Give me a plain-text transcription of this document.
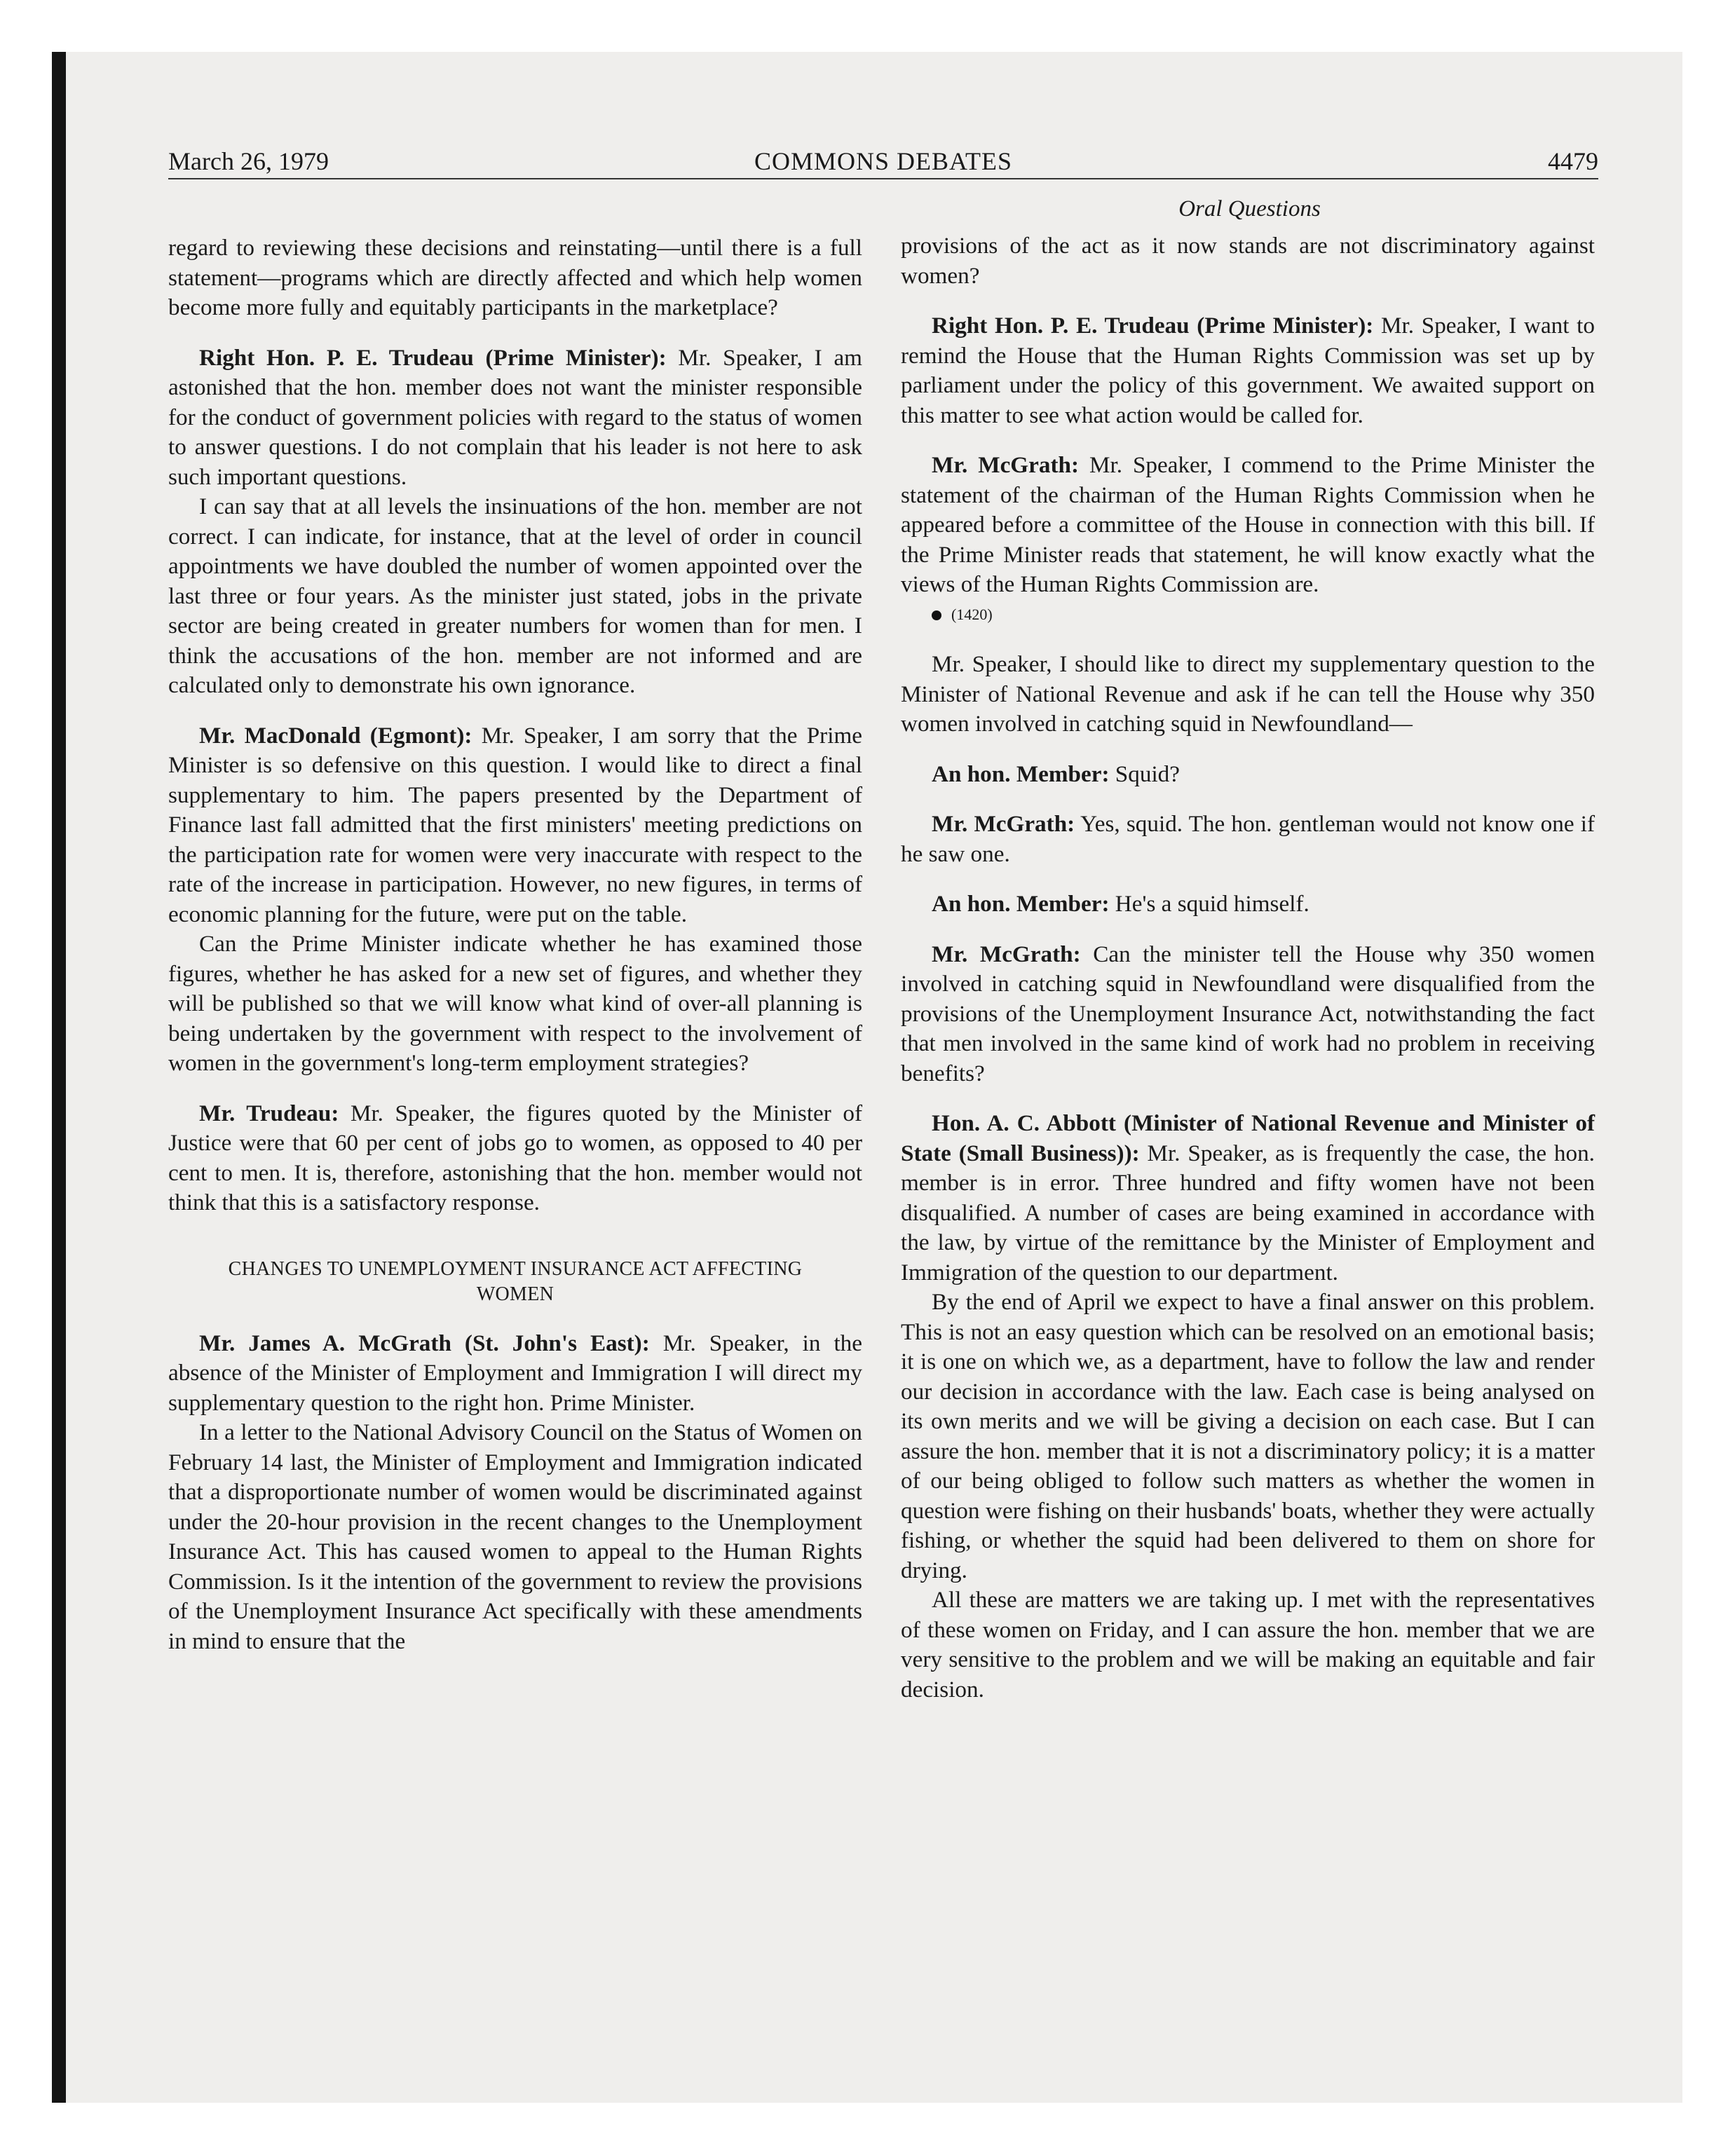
March 26, 1979	COMMONS DEBATES	4479
Oral Questions

regard to reviewing these decisions and reinstating—until there is a full statement—programs which are directly affected and which help women become more fully and equitably participants in the marketplace?

Right Hon. P. E. Trudeau (Prime Minister): Mr. Speaker, I am astonished that the hon. member does not want the minister responsible for the conduct of government policies with regard to the status of women to answer questions. I do not complain that his leader is not here to ask such important questions.

I can say that at all levels the insinuations of the hon. member are not correct. I can indicate, for instance, that at the level of order in council appointments we have doubled the number of women appointed over the last three or four years. As the minister just stated, jobs in the private sector are being created in greater numbers for women than for men. I think the accusations of the hon. member are not informed and are calculated only to demonstrate his own ignorance.

Mr. MacDonald (Egmont): Mr. Speaker, I am sorry that the Prime Minister is so defensive on this question. I would like to direct a final supplementary to him. The papers presented by the Department of Finance last fall admitted that the first ministers' meeting predictions on the participation rate for women were very inaccurate with respect to the rate of the increase in participation. However, no new figures, in terms of economic planning for the future, were put on the table.

Can the Prime Minister indicate whether he has examined those figures, whether he has asked for a new set of figures, and whether they will be published so that we will know what kind of over-all planning is being undertaken by the government with respect to the involvement of women in the government's long-term employment strategies?

Mr. Trudeau: Mr. Speaker, the figures quoted by the Minister of Justice were that 60 per cent of jobs go to women, as opposed to 40 per cent to men. It is, therefore, astonishing that the hon. member would not think that this is a satisfactory response.

CHANGES TO UNEMPLOYMENT INSURANCE ACT AFFECTING WOMEN

Mr. James A. McGrath (St. John's East): Mr. Speaker, in the absence of the Minister of Employment and Immigration I will direct my supplementary question to the right hon. Prime Minister.

In a letter to the National Advisory Council on the Status of Women on February 14 last, the Minister of Employment and Immigration indicated that a disproportionate number of women would be discriminated against under the 20-hour provision in the recent changes to the Unemployment Insurance Act. This has caused women to appeal to the Human Rights Commission. Is it the intention of the government to review the provisions of the Unemployment Insurance Act specifically with these amendments in mind to ensure that the

provisions of the act as it now stands are not discriminatory against women?

Right Hon. P. E. Trudeau (Prime Minister): Mr. Speaker, I want to remind the House that the Human Rights Commission was set up by parliament under the policy of this government. We awaited support on this matter to see what action would be called for.

Mr. McGrath: Mr. Speaker, I commend to the Prime Minister the statement of the chairman of the Human Rights Commission when he appeared before a committee of the House in connection with this bill. If the Prime Minister reads that statement, he will know exactly what the views of the Human Rights Commission are.

(1420)

Mr. Speaker, I should like to direct my supplementary question to the Minister of National Revenue and ask if he can tell the House why 350 women involved in catching squid in Newfoundland—

An hon. Member: Squid?

Mr. McGrath: Yes, squid. The hon. gentleman would not know one if he saw one.

An hon. Member: He's a squid himself.

Mr. McGrath: Can the minister tell the House why 350 women involved in catching squid in Newfoundland were disqualified from the provisions of the Unemployment Insurance Act, notwithstanding the fact that men involved in the same kind of work had no problem in receiving benefits?

Hon. A. C. Abbott (Minister of National Revenue and Minister of State (Small Business)): Mr. Speaker, as is frequently the case, the hon. member is in error. Three hundred and fifty women have not been disqualified. A number of cases are being examined in accordance with the law, by virtue of the remittance by the Minister of Employment and Immigration of the question to our department.

By the end of April we expect to have a final answer on this problem. This is not an easy question which can be resolved on an emotional basis; it is one on which we, as a department, have to follow the law and render our decision in accordance with the law. Each case is being analysed on its own merits and we will be giving a decision on each case. But I can assure the hon. member that it is not a discriminatory policy; it is a matter of our being obliged to follow such matters as whether the women in question were fishing on their husbands' boats, whether they were actually fishing, or whether the squid had been delivered to them on shore for drying.

All these are matters we are taking up. I met with the representatives of these women on Friday, and I can assure the hon. member that we are very sensitive to the problem and we will be making an equitable and fair decision.
